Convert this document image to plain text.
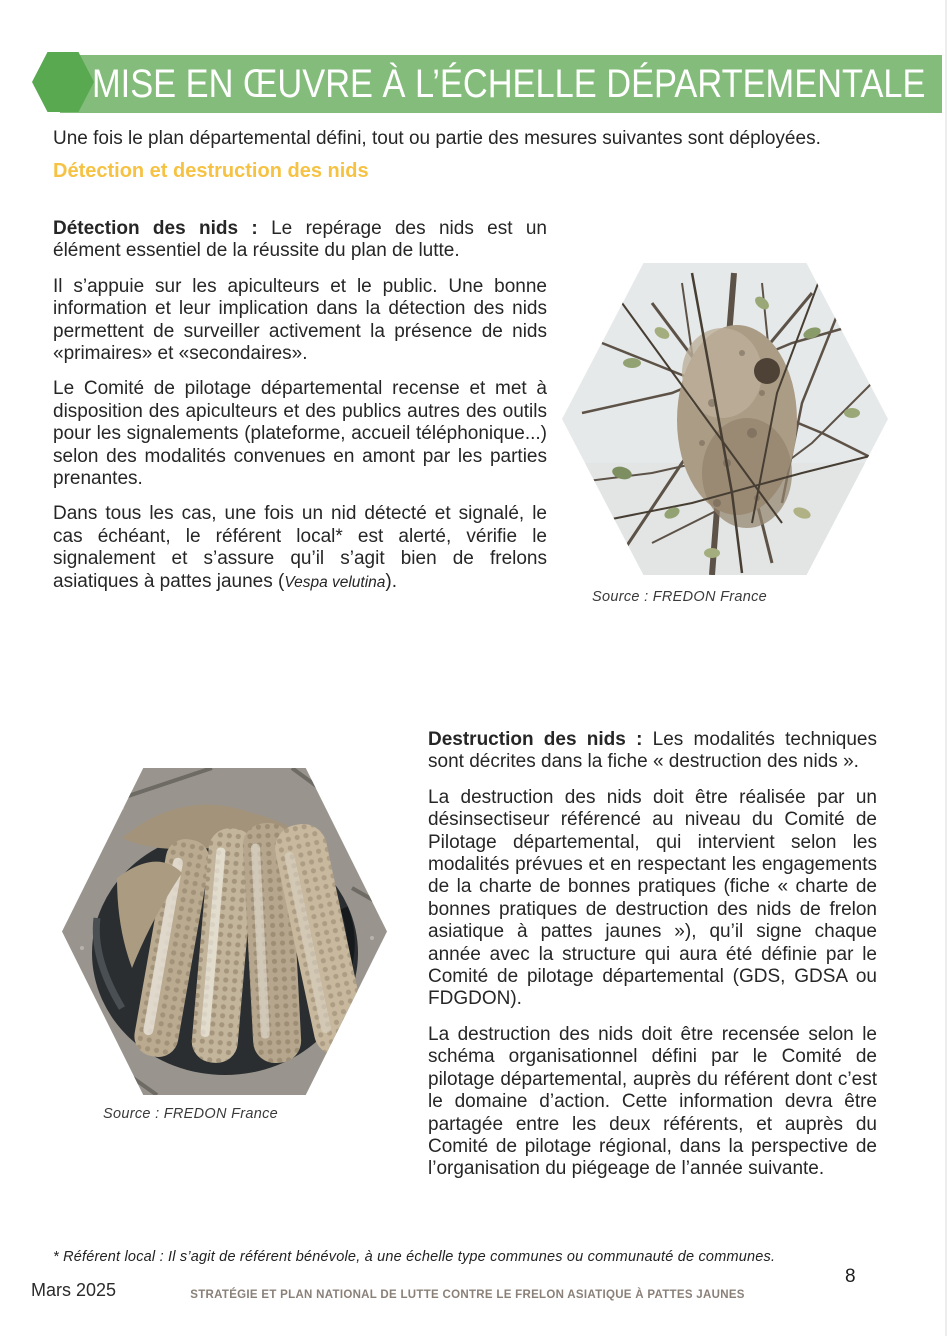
MISE EN ŒUVRE À L’ÉCHELLE DÉPARTEMENTALE
Une fois le plan départemental défini, tout ou partie des mesures suivantes sont déployées.
Détection et destruction des nids

Détection des nids : Le repérage des nids est un élément essentiel de la réussite du plan de lutte.

Il s’appuie sur les apiculteurs et le public. Une bonne information et leur implication dans la détection des nids permettent de surveiller activement la présence de nids «primaires» et «secondaires».

Le Comité de pilotage départemental recense et met à disposition des apiculteurs et des publics autres des outils pour les signalements (plateforme, accueil téléphonique...) selon des modalités convenues en amont par les parties prenantes.

Dans tous les cas, une fois un nid détecté et signalé, le cas échéant, le référent local* est alerté, vérifie le signalement et s’assure qu’il s’agit bien de frelons asiatiques à pattes jaunes (Vespa velutina).

Source : FREDON France
Source : FREDON France

Destruction des nids : Les modalités techniques sont décrites dans la fiche « destruction des nids ».

La destruction des nids doit être réalisée par un désinsectiseur référencé au niveau du Comité de Pilotage départemental, qui intervient selon les modalités prévues et en respectant les engagements de la charte de bonnes pratiques (fiche « charte de bonnes pratiques de destruction des nids de frelon asiatique à pattes jaunes »), qu’il signe chaque année avec la structure qui aura été définie par le Comité de pilotage départemental (GDS, GDSA ou FDGDON).

La destruction des nids doit être recensée selon le schéma organisationnel défini par le Comité de pilotage départemental, auprès du référent dont c’est le domaine d’action. Cette information devra être partagée entre les deux référents, et auprès du Comité de pilotage régional, dans la perspective de l’organisation du piégeage de l’année suivante.

* Référent local : Il s’agit de référent bénévole, à une échelle type communes ou communauté de communes.
Mars 2025	STRATÉGIE ET PLAN NATIONAL DE LUTTE CONTRE LE FRELON ASIATIQUE À PATTES JAUNES
8
